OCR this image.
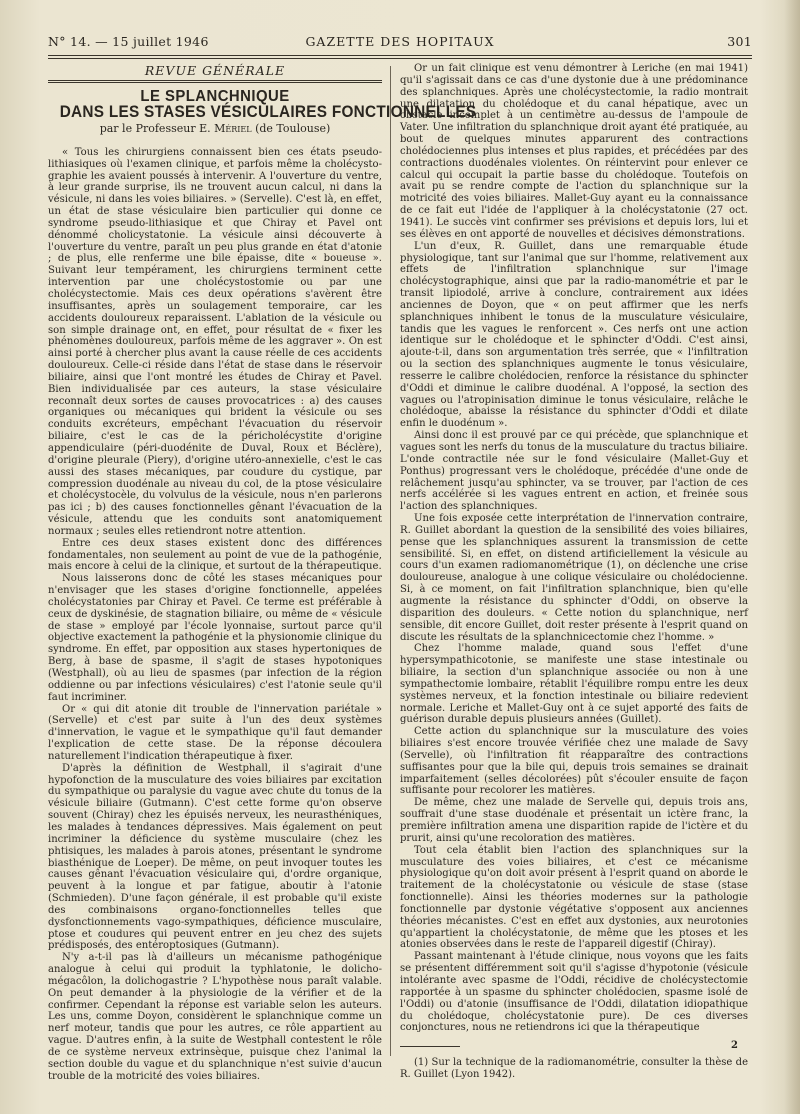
N° 14. — 15 juillet 1946	GAZETTE DES HOPITAUX	301
REVUE GÉNÉRALE
LE SPLANCHNIQUE
DANS LES STASES VÉSICULAIRES FONCTIONNELLES
par le Professeur E. Mériel (de Toulouse)

« Tous les chirurgiens connaissent bien ces états pseudo-lithiasiques où l'examen clinique, et parfois même la cholécysto-graphie les avaient poussés à intervenir. A l'ouverture du ventre, à leur grande surprise, ils ne trouvent aucun calcul, ni dans la vésicule, ni dans les voies biliaires. » (Servelle). C'est là, en effet, un état de stase vésiculaire bien particulier qui donne ce syndrome pseudo-lithiasique et que Chiray et Pavel ont dénommé cholicystatonie. La vésicule ainsi découverte à l'ouverture du ventre, paraît un peu plus grande en état d'atonie ; de plus, elle renferme une bile épaisse, dite « boueuse ». Suivant leur tempérament, les chirurgiens terminent cette intervention par une cholécystostomie ou par une cholécystectomie. Mais ces deux opérations s'avèrent être insuffisantes, après un soulagement temporaire, car les accidents douloureux reparaissent. L'ablation de la vésicule ou son simple drainage ont, en effet, pour résultat de « fixer les phénomènes douloureux, parfois même de les aggraver ». On est ainsi porté à chercher plus avant la cause réelle de ces accidents douloureux. Celle-ci réside dans l'état de stase dans le réservoir biliaire, ainsi que l'ont montré les études de Chiray et Pavel. Bien individualisée par ces auteurs, la stase vésiculaire reconnaît deux sortes de causes provocatrices : a) des causes organiques ou mécaniques qui brident la vésicule ou ses conduits excréteurs, empêchant l'évacuation du réservoir biliaire, c'est le cas de la péricholécystite d'origine appendiculaire (péri-duodénite de Duval, Roux et Béclère), d'origine pleurale (Piery), d'origine utéro-annexielle, c'est le cas aussi des stases mécaniques, par coudure du cystique, par compression duodénale au niveau du col, de la ptose vésiculaire et cholécystocèle, du volvulus de la vésicule, nous n'en parlerons pas ici ; b) des causes fonctionnelles gênant l'évacuation de la vésicule, attendu que les conduits sont anatomiquement normaux ; seules elles retiendront notre attention.

Entre ces deux stases existent donc des différences fondamentales, non seulement au point de vue de la pathogénie, mais encore à celui de la clinique, et surtout de la thérapeutique.

Nous laisserons donc de côté les stases mécaniques pour n'envisager que les stases d'origine fonctionnelle, appelées cholécystatonies par Chiray et Pavel. Ce terme est préférable à ceux de dyskinésie, de stagnation biliaire, ou même de « vésicule de stase » employé par l'école lyonnaise, surtout parce qu'il objective exactement la pathogénie et la physionomie clinique du syndrome. En effet, par opposition aux stases hypertoniques de Berg, à base de spasme, il s'agit de stases hypotoniques (Westphall), où au lieu de spasmes (par infection de la région oddienne ou par infections vésiculaires) c'est l'atonie seule qu'il faut incriminer.

Or « qui dit atonie dit trouble de l'innervation pariétale » (Servelle) et c'est par suite à l'un des deux systèmes d'innervation, le vague et le sympathique qu'il faut demander l'explication de cette stase. De la réponse découlera naturellement l'indication thérapeutique à fixer.

D'après la définition de Westphall, il s'agirait d'une hypofonction de la musculature des voies biliaires par excitation du sympathique ou paralysie du vague avec chute du tonus de la vésicule biliaire (Gutmann). C'est cette forme qu'on observe souvent (Chiray) chez les épuisés nerveux, les neurasthéniques, les malades à tendances dépressives. Mais également on peut incriminer la déficience du système musculaire (chez les phtisiques, les malades à parois atones, présentant le syndrome biasthénique de Loeper). De même, on peut invoquer toutes les causes gênant l'évacuation vésiculaire qui, d'ordre organique, peuvent à la longue et par fatigue, aboutir à l'atonie (Schmieden). D'une façon générale, il est probable qu'il existe des combinaisons organo-fonctionnelles telles que dysfonctionnements vago-sympathiques, déficience musculaire, ptose et coudures qui peuvent entrer en jeu chez des sujets prédisposés, des entéroptosiques (Gutmann).

N'y a-t-il pas là d'ailleurs un mécanisme pathogénique analogue à celui qui produit la typhlatonie, le dolicho-mégacôlon, la dolichogastrie ? L'hypothèse nous paraît valable. On peut demander à la physiologie de la vérifier et de la confirmer. Cependant la réponse est variable selon les auteurs. Les uns, comme Doyon, considèrent le splanchnique comme un nerf moteur, tandis que pour les autres, ce rôle appartient au vague. D'autres enfin, à la suite de Westphall contestent le rôle de ce système nerveux extrinsèque, puisque chez l'animal la section double du vague et du splanchnique n'est suivie d'aucun trouble de la motricité des voies biliaires.

Or un fait clinique est venu démontrer à Leriche (en mai 1941) qu'il s'agissait dans ce cas d'une dystonie due à une prédominance des splanchniques. Après une cholécystectomie, la radio montrait une dilatation du cholédoque et du canal hépatique, avec un obstacle incomplet à un centimètre au-dessus de l'ampoule de Vater. Une infiltration du splanchnique droit ayant été pratiquée, au bout de quelques minutes apparurent des contractions cholédociennes plus intenses et plus rapides, et précédées par des contractions duodénales violentes. On réintervint pour enlever ce calcul qui occupait la partie basse du cholédoque. Toutefois on avait pu se rendre compte de l'action du splanchnique sur la motricité des voies biliaires. Mallet-Guy ayant eu la connaissance de ce fait eut l'idée de l'appliquer à la cholécystatonie (27 oct. 1941). Le succès vint confirmer ses prévisions et depuis lors, lui et ses élèves en ont apporté de nouvelles et décisives démonstrations.

L'un d'eux, R. Guillet, dans une remarquable étude physiologique, tant sur l'animal que sur l'homme, relativement aux effets de l'infiltration splanchnique sur l'image cholécystographique, ainsi que par la radio-manométrie et par le transit lipiodolé, arrive à conclure, contrairement aux idées anciennes de Doyon, que « on peut affirmer que les nerfs splanchniques inhibent le tonus de la musculature vésiculaire, tandis que les vagues le renforcent ». Ces nerfs ont une action identique sur le cholédoque et le sphincter d'Oddi. C'est ainsi, ajoute-t-il, dans son argumentation très serrée, que « l'infiltration ou la section des splanchniques augmente le tonus vésiculaire, resserre le calibre cholédocien, renforce la résistance du sphincter d'Oddi et diminue le calibre duodénal. A l'opposé, la section des vagues ou l'atropinisation diminue le tonus vésiculaire, relâche le cholédoque, abaisse la résistance du sphincter d'Oddi et dilate enfin le duodénum ».

Ainsi donc il est prouvé par ce qui précède, que splanchnique et vagues sont les nerfs du tonus de la musculature du tractus biliaire. L'onde contractile née sur le fond vésiculaire (Mallet-Guy et Ponthus) progressant vers le cholédoque, précédée d'une onde de relâchement jusqu'au sphincter, va se trouver, par l'action de ces nerfs accélérée si les vagues entrent en action, et freinée sous l'action des splanchniques.

Une fois exposée cette interprétation de l'innervation contraire, R. Guillet abordant la question de la sensibilité des voies biliaires, pense que les splanchniques assurent la transmission de cette sensibilité. Si, en effet, on distend artificiellement la vésicule au cours d'un examen radiomanométrique (1), on déclenche une crise douloureuse, analogue à une colique vésiculaire ou cholédocienne. Si, à ce moment, on fait l'infiltration splanchnique, bien qu'elle augmente la résistance du sphincter d'Oddi, on observe la disparition des douleurs. « Cette notion du splanchnique, nerf sensible, dit encore Guillet, doit rester présente à l'esprit quand on discute les résultats de la splanchnicectomie chez l'homme. »

Chez l'homme malade, quand sous l'effet d'une hypersympathicotonie, se manifeste une stase intestinale ou biliaire, la section d'un splanchnique associée ou non à une sympathectomie lombaire, rétablit l'équilibre rompu entre les deux systèmes nerveux, et la fonction intestinale ou biliaire redevient normale. Leriche et Mallet-Guy ont à ce sujet apporté des faits de guérison durable depuis plusieurs années (Guillet).

Cette action du splanchnique sur la musculature des voies biliaires s'est encore trouvée vérifiée chez une malade de Savy (Servelle), où l'infiltration fit réapparaître des contractions suffisantes pour que la bile qui, depuis trois semaines se drainait imparfaitement (selles décolorées) pût s'écouler ensuite de façon suffisante pour recolorer les matières.

De même, chez une malade de Servelle qui, depuis trois ans, souffrait d'une stase duodénale et présentait un ictère franc, la première infiltration amena une disparition rapide de l'ictère et du prurit, ainsi qu'une recoloration des matières.

Tout cela établit bien l'action des splanchniques sur la musculature des voies biliaires, et c'est ce mécanisme physiologique qu'on doit avoir présent à l'esprit quand on aborde le traitement de la cholécystatonie ou vésicule de stase (stase fonctionnelle). Ainsi les théories modernes sur la pathologie fonctionnelle par dystonie végétative s'opposent aux anciennes théories mécanistes. C'est en effet aux dystonies, aux neurotonies qu'appartient la cholécystatonie, de même que les ptoses et les atonies observées dans le reste de l'appareil digestif (Chiray).

Passant maintenant à l'étude clinique, nous voyons que les faits se présentent différemment soit qu'il s'agisse d'hypotonie (vésicule intolérante avec spasme de l'Oddi, récidive de cholécystectomie rapportée à un spasme du sphincter cholédocien, spasme isolé de l'Oddi) ou d'atonie (insuffisance de l'Oddi, dilatation idiopathique du cholédoque, cholécystatonie pure). De ces diverses conjonctures, nous ne retiendrons ici que la thérapeutique

(1) Sur la technique de la radiomanométrie, consulter la thèse de R. Guillet (Lyon 1942).

2
